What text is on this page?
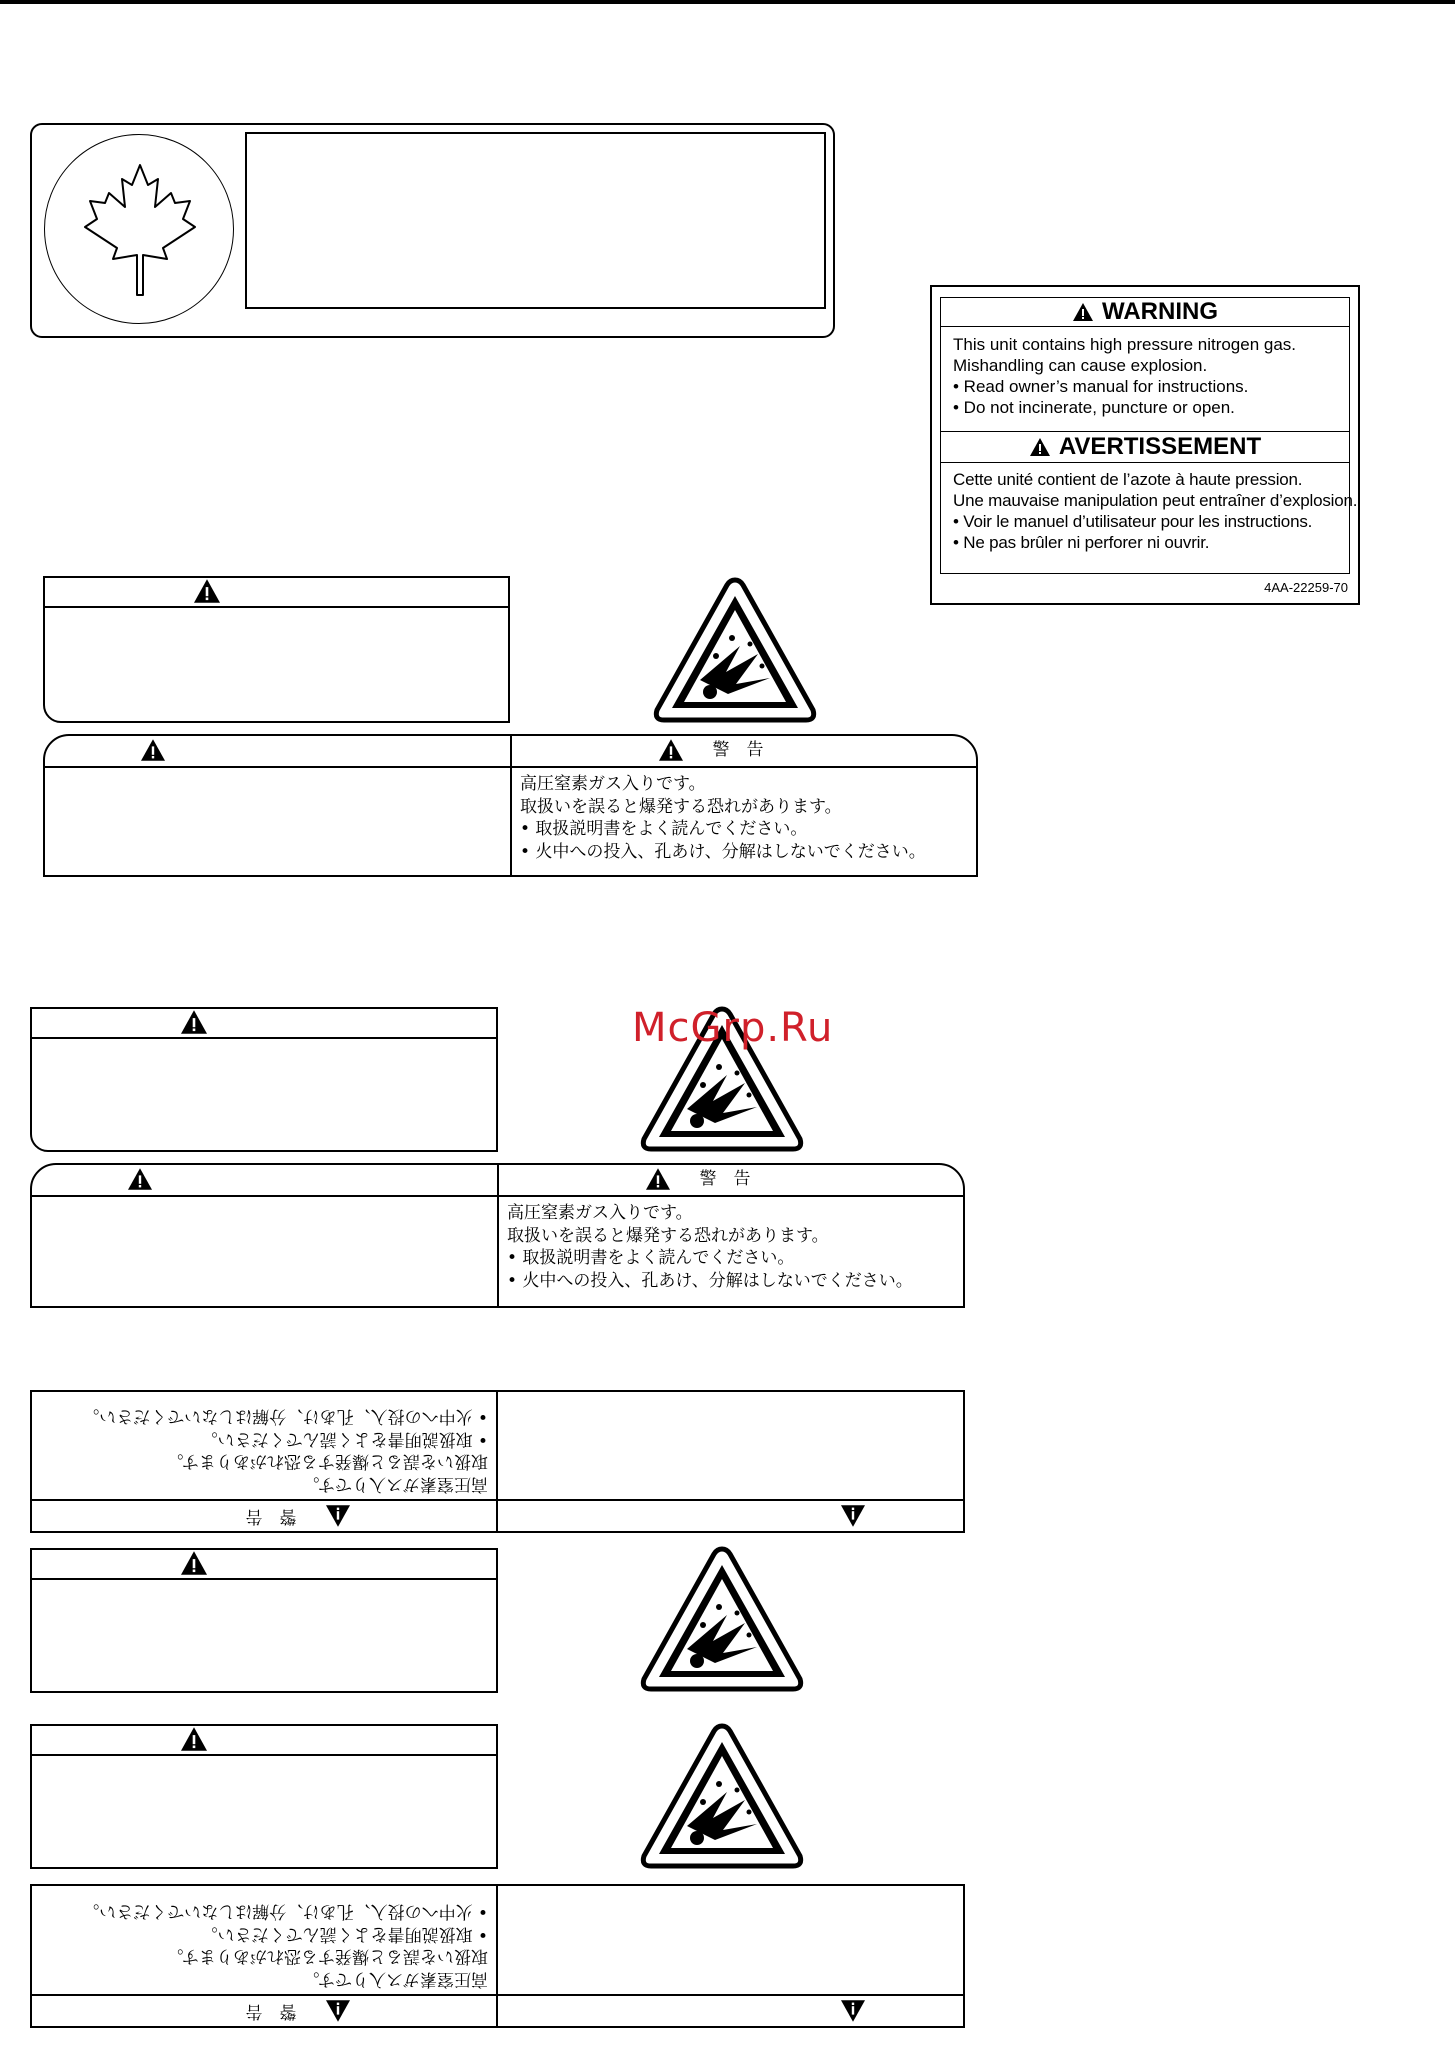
WARNING
This unit contains high pressure nitrogen gas.
Mishandling can cause explosion.
• Read owner’s manual for instructions.
• Do not incinerate, puncture or open.
AVERTISSEMENT
Cette unité contient de l’azote à haute pression.
Une mauvaise manipulation peut entraîner d’explosion.
• Voir le manuel d’utilisateur pour les instructions.
• Ne pas brûler ni perforer ni ouvrir.
4AA-22259-70
警　告
高圧窒素ガス入りです。
取扱いを誤ると爆発する恐れがあります。
• 取扱説明書をよく読んでください。
• 火中への投入、孔あけ、分解はしないでください。
McGrp.Ru
警　告
高圧窒素ガス入りです。
取扱いを誤ると爆発する恐れがあります。
• 取扱説明書をよく読んでください。
• 火中への投入、孔あけ、分解はしないでください。
警　告
高圧窒素ガス入りです。
取扱いを誤ると爆発する恐れがあります。
• 取扱説明書をよく読んでください。
• 火中への投入、孔あけ、分解はしないでください。
警　告
高圧窒素ガス入りです。
取扱いを誤ると爆発する恐れがあります。
• 取扱説明書をよく読んでください。
• 火中への投入、孔あけ、分解はしないでください。
